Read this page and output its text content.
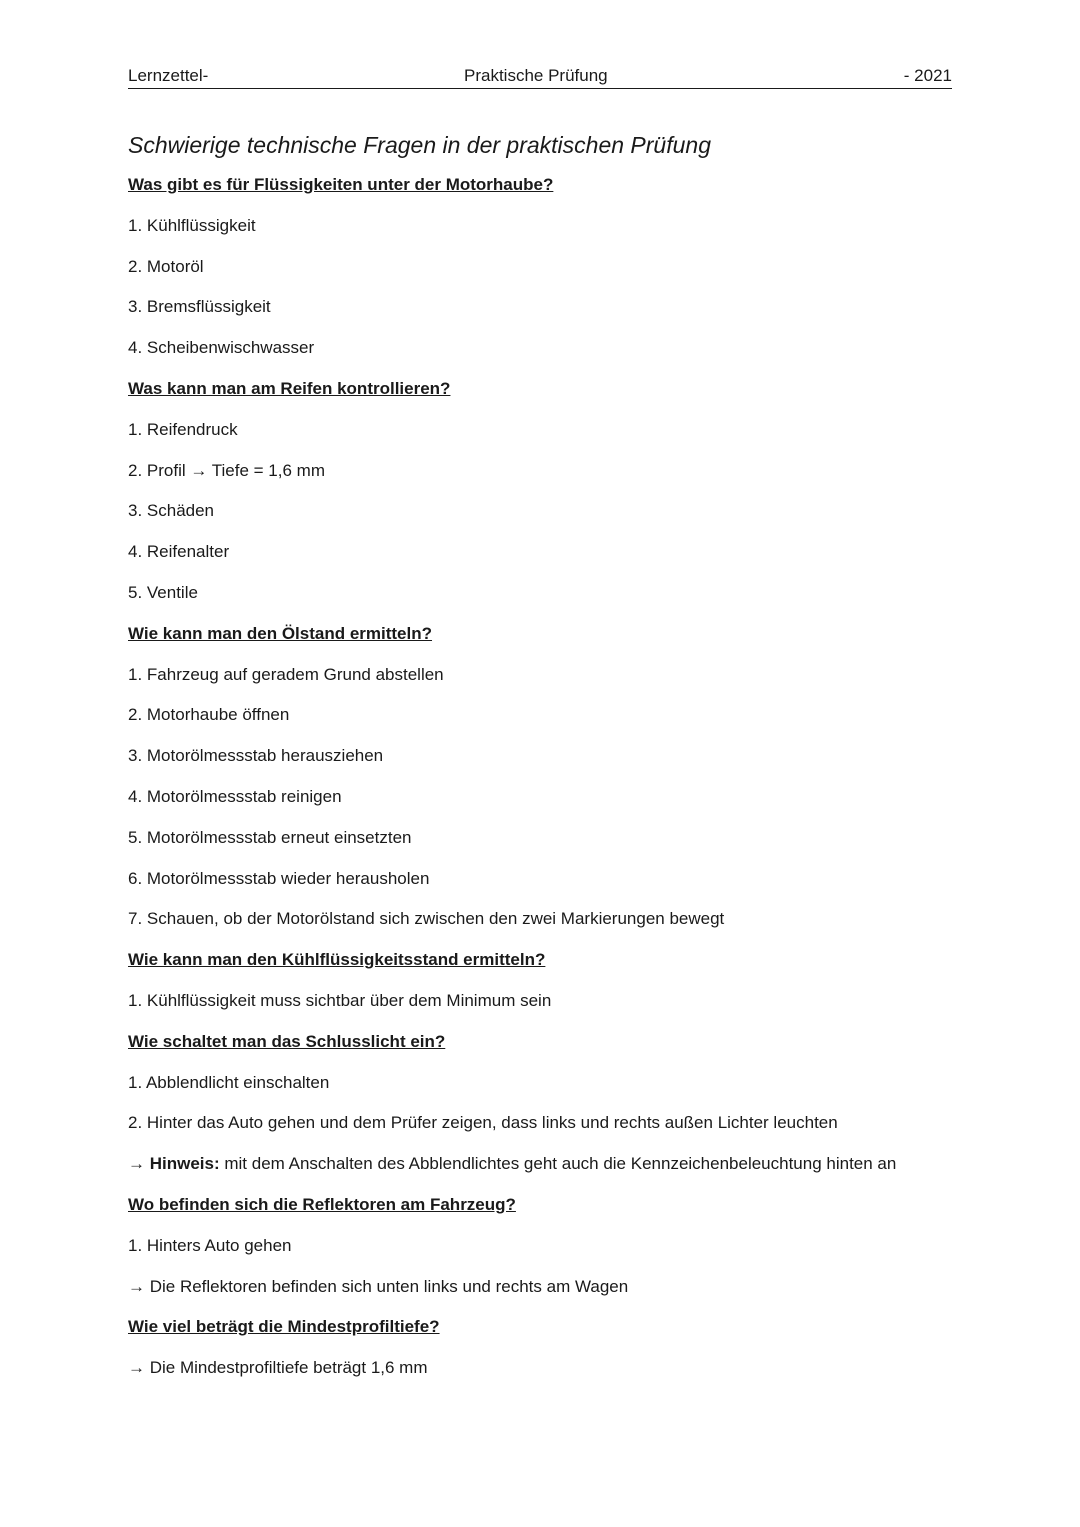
Lernzettel-	Praktische Prüfung	- 2021
Schwierige technische Fragen in der praktischen Prüfung
Was gibt es für Flüssigkeiten unter der Motorhaube?
1. Kühlflüssigkeit
2. Motoröl
3. Bremsflüssigkeit
4. Scheibenwischwasser
Was kann man am Reifen kontrollieren?
1. Reifendruck
2. Profil → Tiefe = 1,6 mm
3. Schäden
4. Reifenalter
5. Ventile
Wie kann man den Ölstand ermitteln?
1. Fahrzeug auf geradem Grund abstellen
2. Motorhaube öffnen
3. Motorölmessstab herausziehen
4. Motorölmessstab reinigen
5. Motorölmessstab erneut einsetzten
6. Motorölmessstab wieder herausholen
7. Schauen, ob der Motorölstand sich zwischen den zwei Markierungen bewegt
Wie kann man den Kühlflüssigkeitsstand ermitteln?
1. Kühlflüssigkeit muss sichtbar über dem Minimum sein
Wie schaltet man das Schlusslicht ein?
1. Abblendlicht einschalten
2. Hinter das Auto gehen und dem Prüfer zeigen, dass links und rechts außen Lichter leuchten
→ Hinweis: mit dem Anschalten des Abblendlichtes geht auch die Kennzeichenbeleuchtung hinten an
Wo befinden sich die Reflektoren am Fahrzeug?
1. Hinters Auto gehen
→ Die Reflektoren befinden sich unten links und rechts am Wagen
Wie viel beträgt die Mindestprofiltiefe?
→ Die Mindestprofiltiefe beträgt 1,6 mm
